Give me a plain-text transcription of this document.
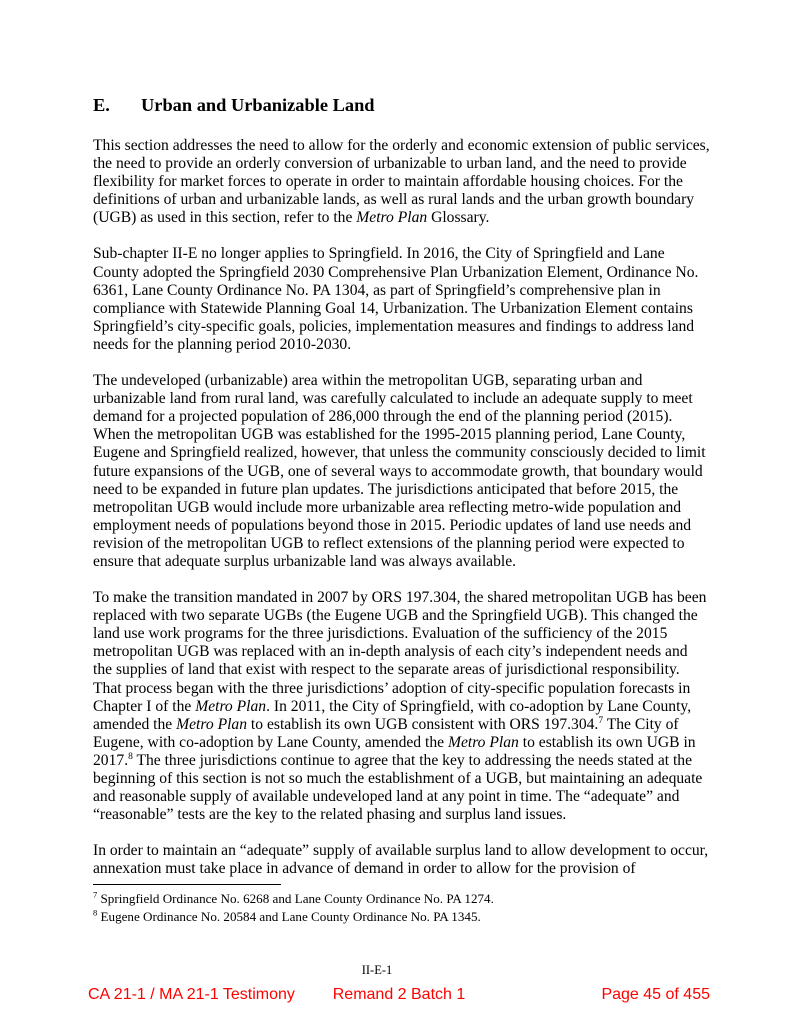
E.	Urban and Urbanizable Land

This section addresses the need to allow for the orderly and economic extension of public services, the need to provide an orderly conversion of urbanizable to urban land, and the need to provide flexibility for market forces to operate in order to maintain affordable housing choices. For the definitions of urban and urbanizable lands, as well as rural lands and the urban growth boundary (UGB) as used in this section, refer to the Metro Plan Glossary.

Sub-chapter II-E no longer applies to Springfield. In 2016, the City of Springfield and Lane County adopted the Springfield 2030 Comprehensive Plan Urbanization Element, Ordinance No. 6361, Lane County Ordinance No. PA 1304, as part of Springfield’s comprehensive plan in compliance with Statewide Planning Goal 14, Urbanization. The Urbanization Element contains Springfield’s city-specific goals, policies, implementation measures and findings to address land needs for the planning period 2010-2030.

The undeveloped (urbanizable) area within the metropolitan UGB, separating urban and urbanizable land from rural land, was carefully calculated to include an adequate supply to meet demand for a projected population of 286,000 through the end of the planning period (2015). When the metropolitan UGB was established for the 1995-2015 planning period, Lane County, Eugene and Springfield realized, however, that unless the community consciously decided to limit future expansions of the UGB, one of several ways to accommodate growth, that boundary would need to be expanded in future plan updates. The jurisdictions anticipated that before 2015, the metropolitan UGB would include more urbanizable area reflecting metro-wide population and employment needs of populations beyond those in 2015. Periodic updates of land use needs and revision of the metropolitan UGB to reflect extensions of the planning period were expected to ensure that adequate surplus urbanizable land was always available.

To make the transition mandated in 2007 by ORS 197.304, the shared metropolitan UGB has been replaced with two separate UGBs (the Eugene UGB and the Springfield UGB). This changed the land use work programs for the three jurisdictions. Evaluation of the sufficiency of the 2015 metropolitan UGB was replaced with an in-depth analysis of each city’s independent needs and the supplies of land that exist with respect to the separate areas of jurisdictional responsibility. That process began with the three jurisdictions’ adoption of city-specific population forecasts in Chapter I of the Metro Plan. In 2011, the City of Springfield, with co-adoption by Lane County, amended the Metro Plan to establish its own UGB consistent with ORS 197.304.$^7$ The City of Eugene, with co-adoption by Lane County, amended the Metro Plan to establish its own UGB in 2017.$^8$ The three jurisdictions continue to agree that the key to addressing the needs stated at the beginning of this section is not so much the establishment of a UGB, but maintaining an adequate and reasonable supply of available undeveloped land at any point in time. The “adequate” and “reasonable” tests are the key to the related phasing and surplus land issues.

In order to maintain an “adequate” supply of available surplus land to allow development to occur, annexation must take place in advance of demand in order to allow for the provision of

$^7$ Springfield Ordinance No. 6268 and Lane County Ordinance No. PA 1274.
$^8$ Eugene Ordinance No. 20584 and Lane County Ordinance No. PA 1345.
II-E-1
CA 21-1 / MA 21-1 Testimony Remand 2 Batch 1	Page 45 of 455
